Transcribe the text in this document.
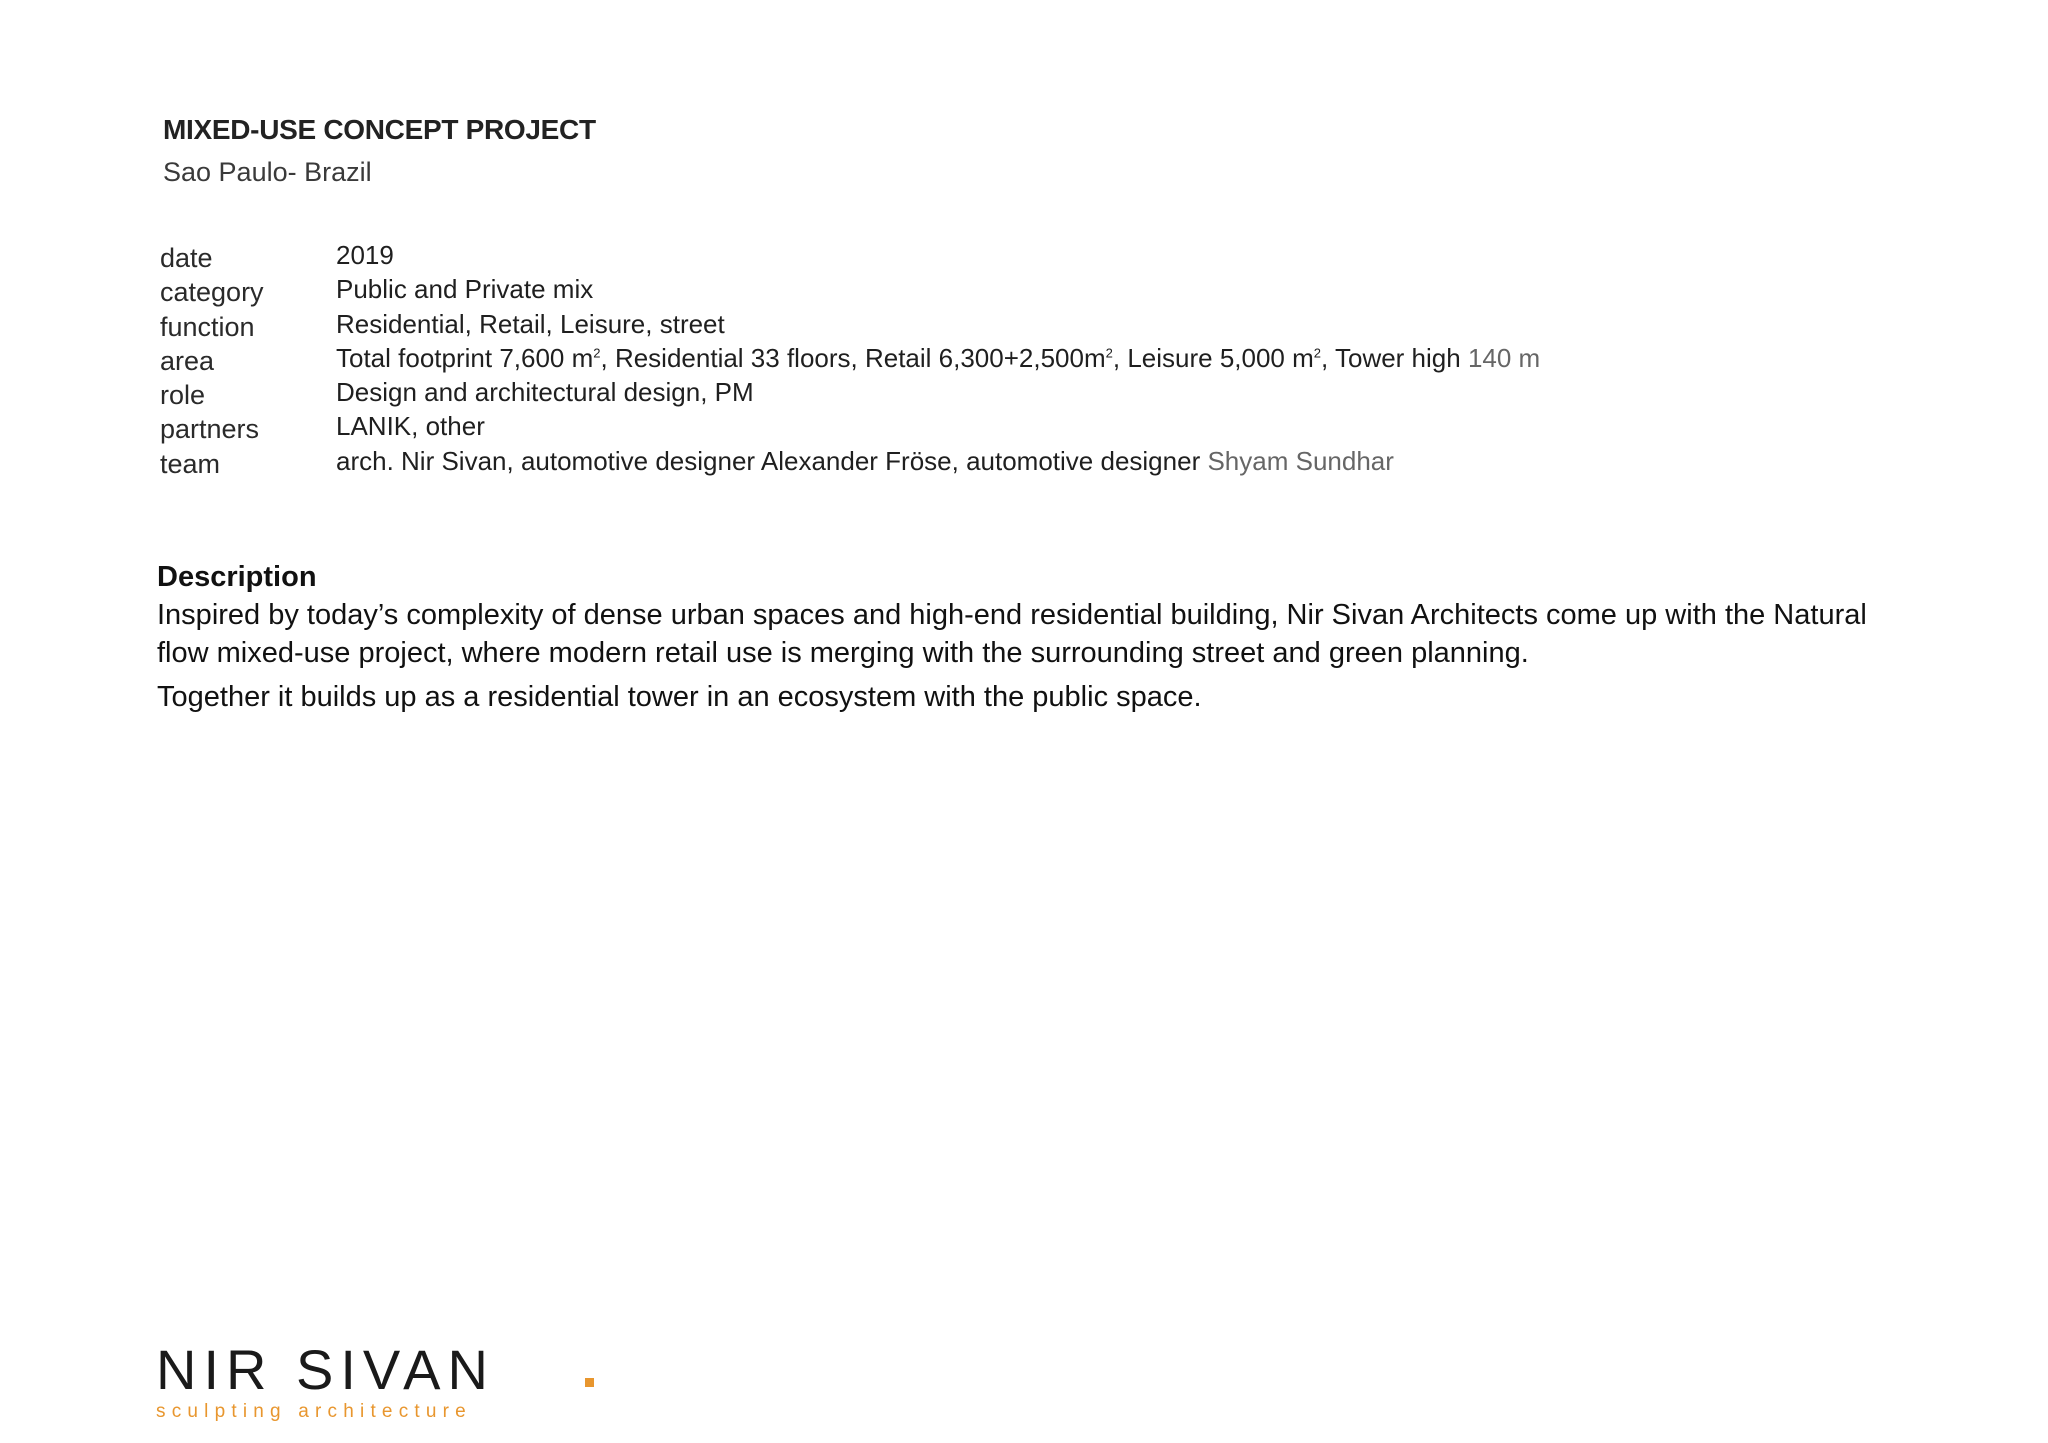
MIXED-USE CONCEPT PROJECT

Sao Paulo- Brazil

date	2019
category	Public and Private mix
function	Residential, Retail, Leisure, street
area	Total footprint 7,600 $m^2$, Residential 33 floors, Retail $6,300+2,500m^2$, Leisure 5,000 $m^2$, Tower high 140 m
role	Design and architectural design, PM
partners	LANIK, other
team	arch. Nir Sivan, automotive designer Alexander Fröse, automotive designer Shyam Sundhar
Description

Inspired by today’s complexity of dense urban spaces and high-end residential building, Nir Sivan Architects come up with the Natural flow mixed-use project, where modern retail use is merging with the surrounding street and green planning.

Together it builds up as a residential tower in an ecosystem with the public space.

NIR SIVAN
sculpting architecture
